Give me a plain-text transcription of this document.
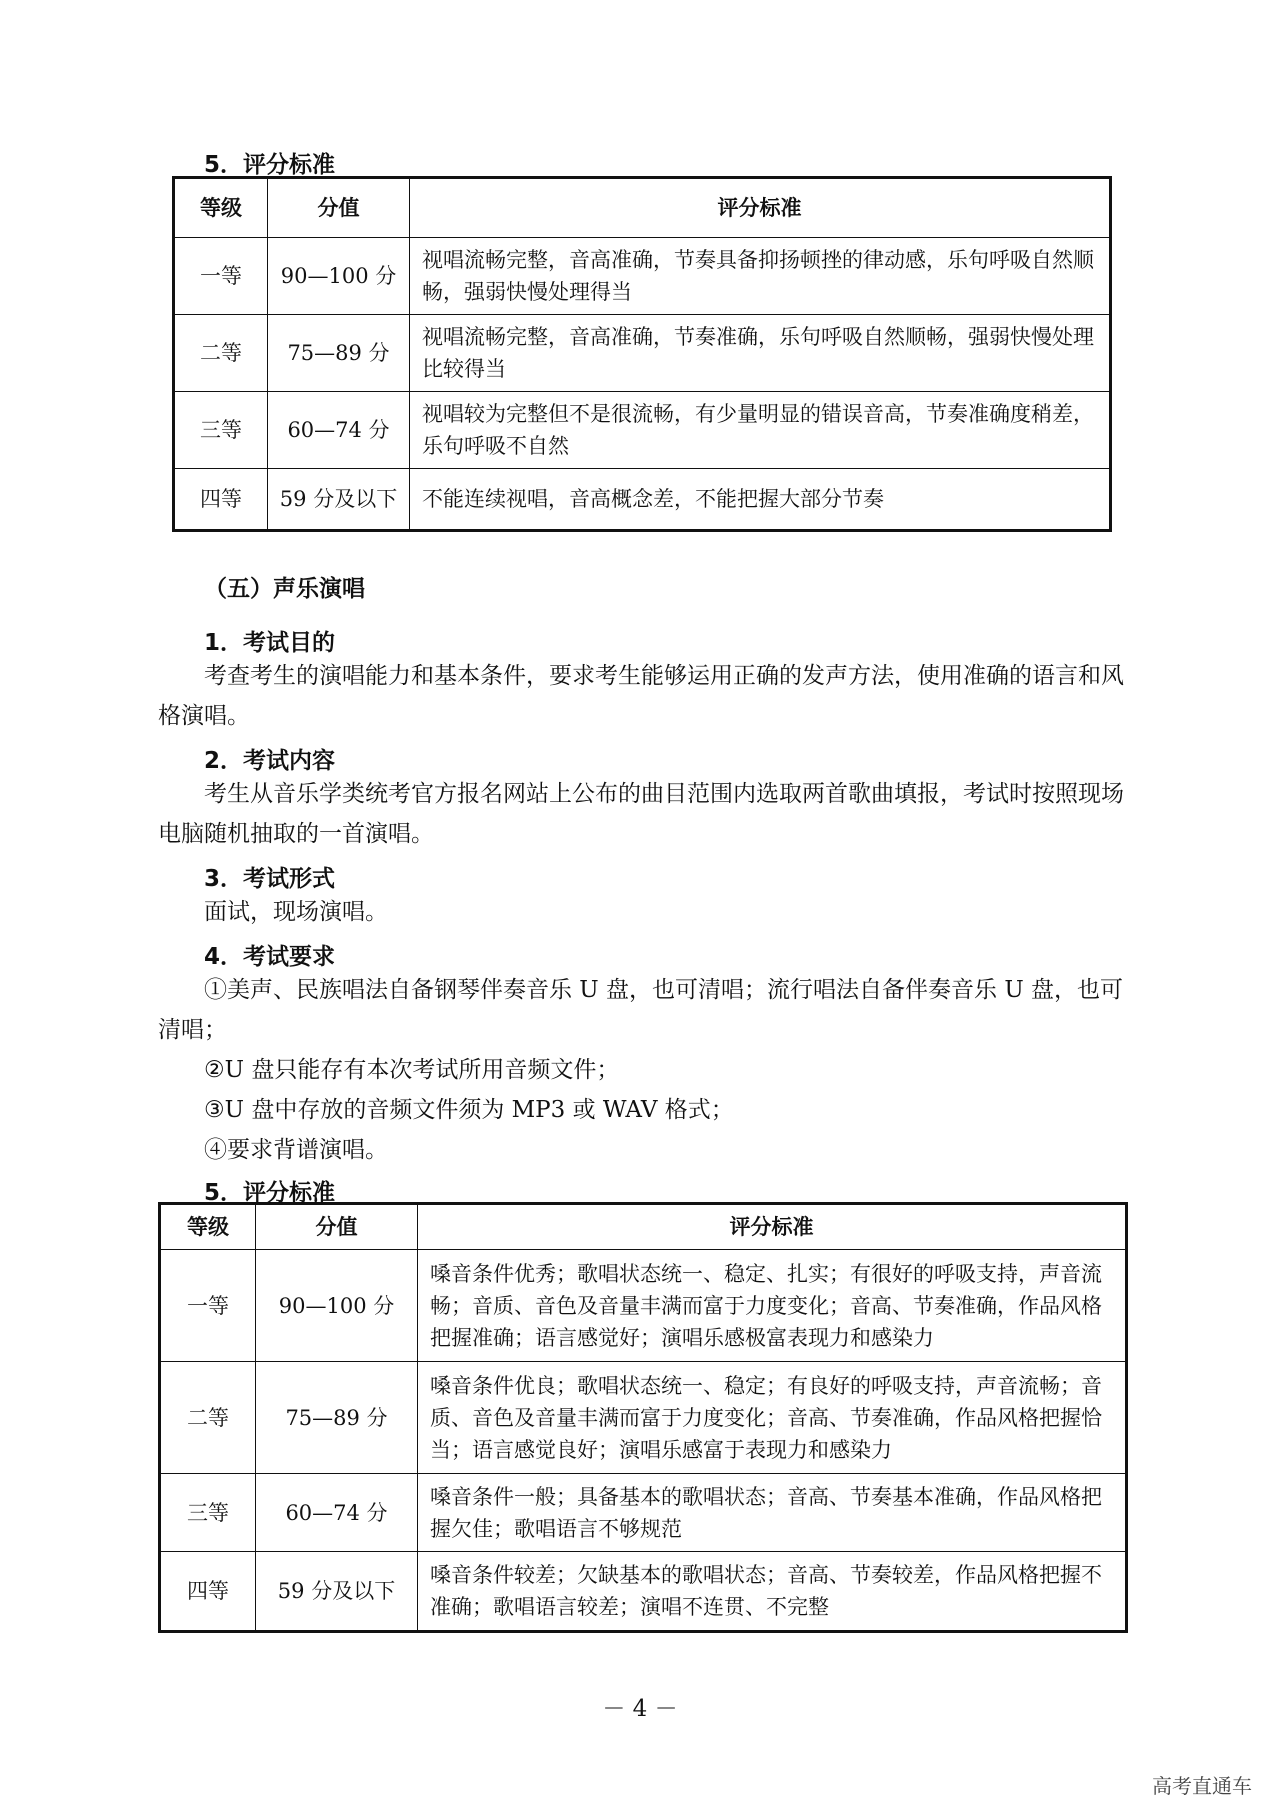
5．评分标准
等级	分值	评分标准
一等	90—100 分	视唱流畅完整，音高准确，节奏具备抑扬顿挫的律动感，乐句呼吸自然顺畅，强弱快慢处理得当
二等	75—89 分	视唱流畅完整，音高准确，节奏准确，乐句呼吸自然顺畅，强弱快慢处理比较得当
三等	60—74 分	视唱较为完整但不是很流畅，有少量明显的错误音高，节奏准确度稍差，乐句呼吸不自然
四等	59 分及以下	不能连续视唱，音高概念差，不能把握大部分节奏
（五）声乐演唱
1．考试目的
考查考生的演唱能力和基本条件，要求考生能够运用正确的发声方法，使用准确的语言和风格演唱。
2．考试内容
考生从音乐学类统考官方报名网站上公布的曲目范围内选取两首歌曲填报，考试时按照现场电脑随机抽取的一首演唱。
3．考试形式
面试，现场演唱。
4．考试要求
①美声、民族唱法自备钢琴伴奏音乐 U 盘，也可清唱；流行唱法自备伴奏音乐 U 盘，也可清唱；
②U 盘只能存有本次考试所用音频文件；
③U 盘中存放的音频文件须为 MP3 或 WAV 格式；
④要求背谱演唱。
5．评分标准
等级	分值	评分标准
一等	90—100 分	嗓音条件优秀；歌唱状态统一、稳定、扎实；有很好的呼吸支持，声音流畅；音质、音色及音量丰满而富于力度变化；音高、节奏准确，作品风格把握准确；语言感觉好；演唱乐感极富表现力和感染力
二等	75—89 分	嗓音条件优良；歌唱状态统一、稳定；有良好的呼吸支持，声音流畅；音质、音色及音量丰满而富于力度变化；音高、节奏准确，作品风格把握恰当；语言感觉良好；演唱乐感富于表现力和感染力
三等	60—74 分	嗓音条件一般；具备基本的歌唱状态；音高、节奏基本准确，作品风格把握欠佳；歌唱语言不够规范
四等	59 分及以下	嗓音条件较差；欠缺基本的歌唱状态；音高、节奏较差，作品风格把握不准确；歌唱语言较差；演唱不连贯、不完整
－ 4 －
高考直通车
